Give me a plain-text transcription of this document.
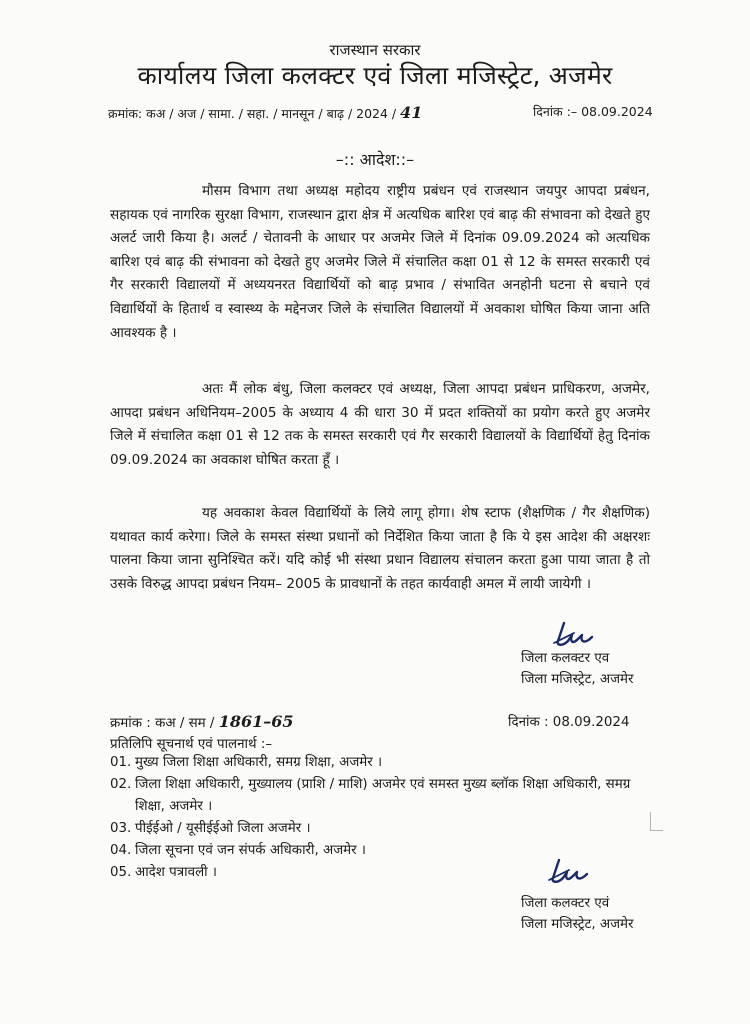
राजस्थान सरकार
कार्यालय जिला कलक्टर एवं जिला मजिस्ट्रेट, अजमेर
क्रमांक: कअ / अज / सामा. / सहा. / मानसून / बाढ़ / 2024 / 41	दिनांक :– 08.09.2024
–:: आदेश::–

मौसम विभाग तथा अध्यक्ष महोदय राष्ट्रीय प्रबंधन एवं राजस्थान जयपुर आपदा प्रबंधन, सहायक एवं नागरिक सुरक्षा विभाग, राजस्थान द्वारा क्षेत्र में अत्यधिक बारिश एवं बाढ़ की संभावना को देखते हुए अलर्ट जारी किया है। अलर्ट / चेतावनी के आधार पर अजमेर जिले में दिनांक 09.09.2024 को अत्यधिक बारिश एवं बाढ़ की संभावना को देखते हुए अजमेर जिले में संचालित कक्षा 01 से 12 के समस्त सरकारी एवं गैर सरकारी विद्यालयों में अध्ययनरत विद्यार्थियों को बाढ़ प्रभाव / संभावित अनहोनी घटना से बचाने एवं विद्यार्थियों के हितार्थ व स्वास्थ्य के मद्देनजर जिले के संचालित विद्यालयों में अवकाश घोषित किया जाना अति आवश्यक है ।

अतः मैं लोक बंधु, जिला कलक्टर एवं अध्यक्ष, जिला आपदा प्रबंधन प्राधिकरण, अजमेर, आपदा प्रबंधन अधिनियम–2005 के अध्याय 4 की धारा 30 में प्रदत शक्तियों का प्रयोग करते हुए अजमेर जिले में संचालित कक्षा 01 से 12 तक के समस्त सरकारी एवं गैर सरकारी विद्यालयों के विद्यार्थियों हेतु दिनांक 09.09.2024 का अवकाश घोषित करता हूँ ।

यह अवकाश केवल विद्यार्थियों के लिये लागू होगा। शेष स्टाफ (शैक्षणिक / गैर शैक्षणिक) यथावत कार्य करेगा। जिले के समस्त संस्था प्रधानों को निर्देशित किया जाता है कि ये इस आदेश की अक्षरशः पालना किया जाना सुनिश्चित करें। यदि कोई भी संस्था प्रधान विद्यालय संचालन करता हुआ पाया जाता है तो उसके विरुद्ध आपदा प्रबंधन नियम– 2005 के प्रावधानों के तहत कार्यवाही अमल में लायी जायेगी ।

जिला कलक्टर एव
जिला मजिस्ट्रेट, अजमेर
क्रमांक : कअ / सम / 1861–65	दिनांक : 08.09.2024
प्रतिलिपि सूचनार्थ एवं पालनार्थ :–
01. मुख्य जिला शिक्षा अधिकारी, समग्र शिक्षा, अजमेर ।
02. जिला शिक्षा अधिकारी, मुख्यालय (प्राशि / माशि) अजमेर एवं समस्त मुख्य ब्लॉक शिक्षा अधिकारी, समग्र शिक्षा, अजमेर ।
03. पीईईओ / यूसीईईओ जिला अजमेर ।
04. जिला सूचना एवं जन संपर्क अधिकारी, अजमेर ।
05. आदेश पत्रावली ।
जिला कलक्टर एवं
जिला मजिस्ट्रेट, अजमेर
